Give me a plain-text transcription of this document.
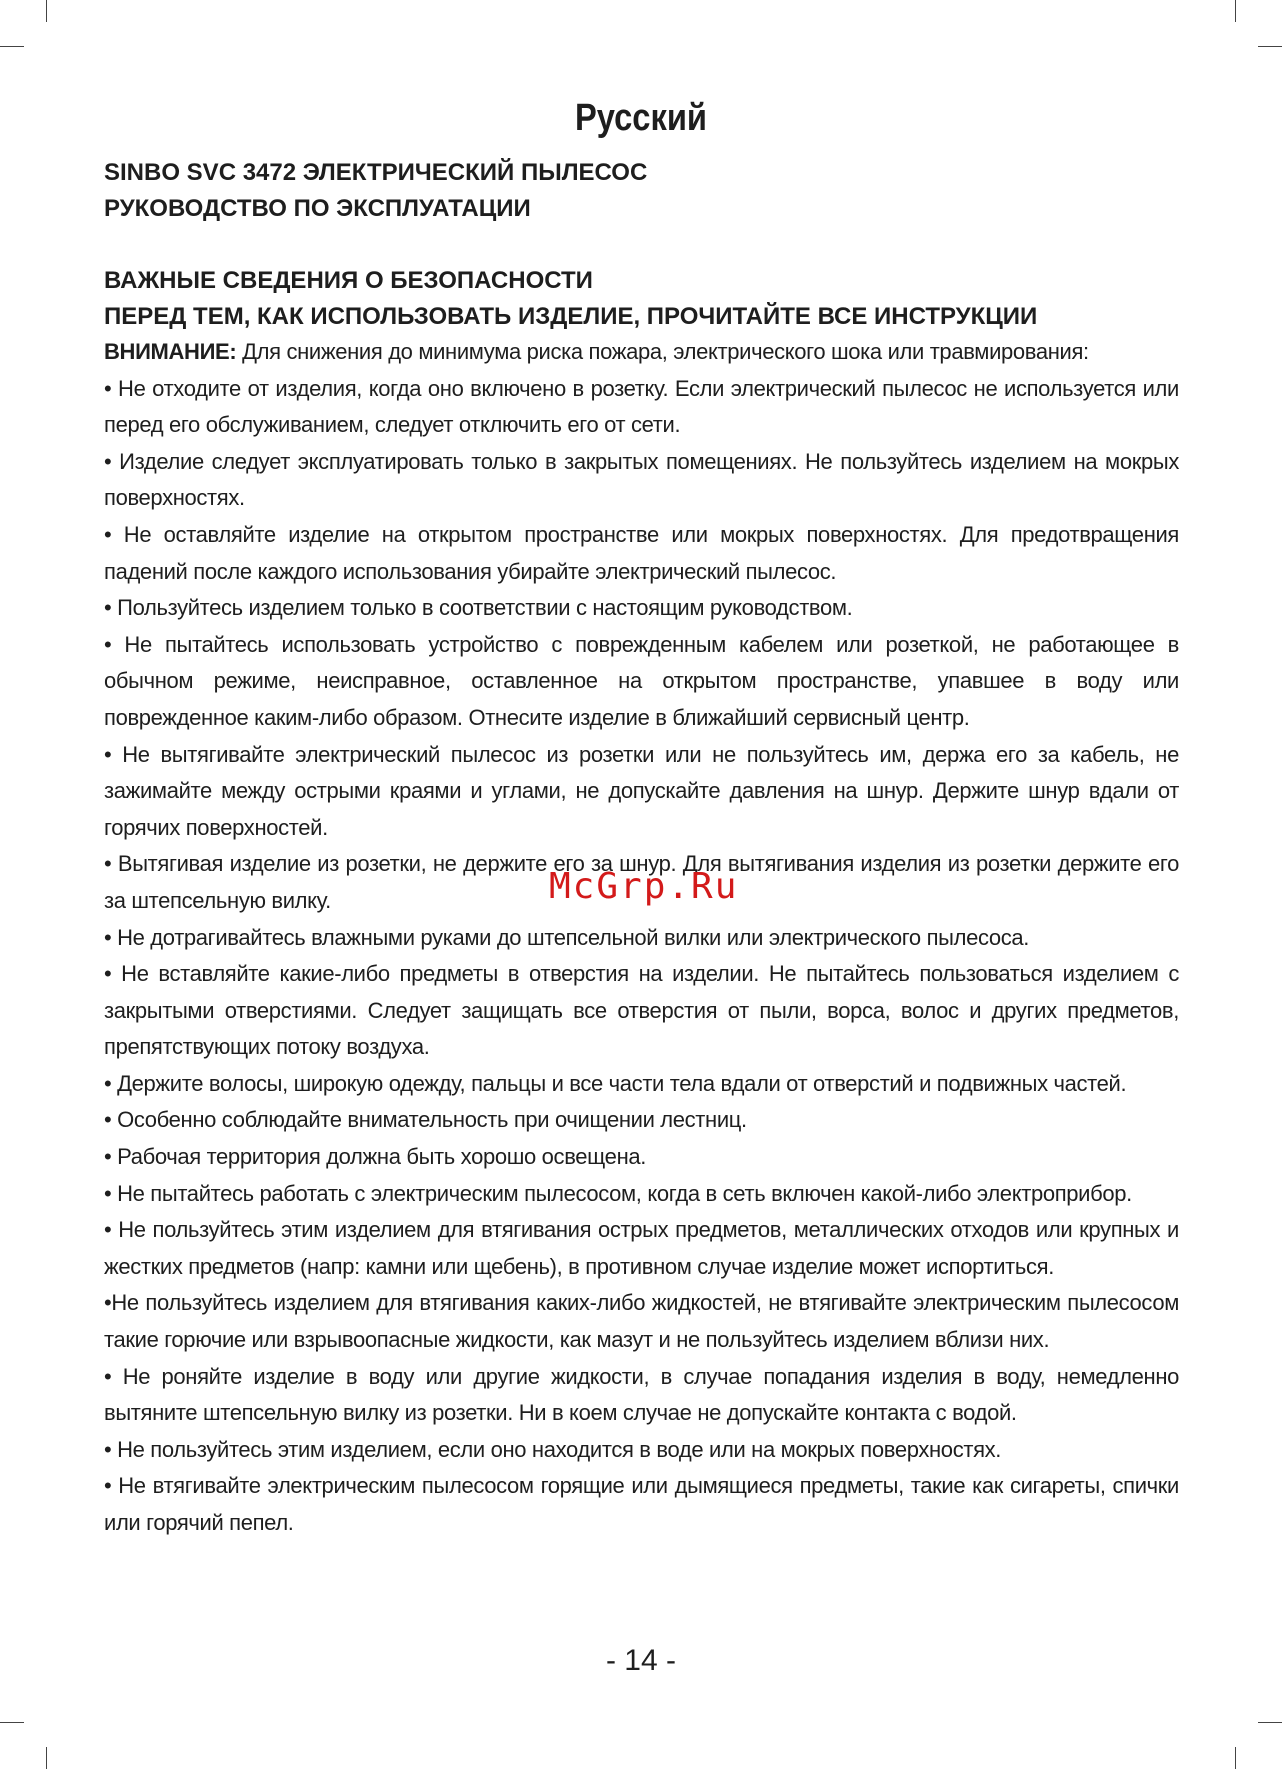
Русский
SINBO SVC 3472 ЭЛЕКТРИЧЕСКИЙ ПЫЛЕСОС
РУКОВОДСТВО ПО ЭКСПЛУАТАЦИИ
ВАЖНЫЕ СВЕДЕНИЯ О БЕЗОПАСНОСТИ
ПЕРЕД ТЕМ, КАК ИСПОЛЬЗОВАТЬ ИЗДЕЛИЕ, ПРОЧИТАЙТЕ ВСЕ ИНСТРУКЦИИ

ВНИМАНИЕ: Для снижения до минимума риска пожара, электрического шока или травмирования:

• Не отходите от изделия, когда оно включено в розетку. Если электрический пылесос не используется или перед его обслуживанием, следует отключить его от сети.

• Изделие следует эксплуатировать только в закрытых помещениях. Не пользуйтесь изделием на мокрых поверхностях.

• Не оставляйте изделие на открытом пространстве или мокрых поверхностях. Для предотвращения падений после каждого использования убирайте электрический пылесос.

• Пользуйтесь изделием только в соответствии с настоящим руководством.

• Не пытайтесь использовать устройство с поврежденным кабелем или розеткой, не работающее в обычном режиме, неисправное, оставленное на открытом пространстве, упавшее в воду или поврежденное каким-либо образом. Отнесите изделие в ближайший сервисный центр.

• Не вытягивайте электрический пылесос из розетки или не пользуйтесь им, держа его за кабель, не зажимайте между острыми краями и углами, не допускайте давления на шнур. Держите шнур вдали от горячих поверхностей.

• Вытягивая изделие из розетки, не держите его за шнур. Для вытягивания изделия из розетки держите его за штепсельную вилку.

• Не дотрагивайтесь влажными руками до штепсельной вилки или электрического пылесоса.

• Не вставляйте какие-либо предметы в отверстия на изделии. Не пытайтесь пользоваться изделием с закрытыми отверстиями. Следует защищать все отверстия от пыли, ворса, волос и других предметов, препятствующих потоку воздуха.

• Держите волосы, широкую одежду, пальцы и все части тела вдали от отверстий и подвижных частей.

• Особенно соблюдайте внимательность при очищении лестниц.

• Рабочая территория должна быть хорошо освещена.

• Не пытайтесь работать с электрическим пылесосом, когда в сеть включен какой-либо электроприбор.

• Не пользуйтесь этим изделием для втягивания острых предметов, металлических отходов или крупных и жестких предметов (напр: камни или щебень), в противном случае изделие может испортиться.

•Не пользуйтесь изделием для втягивания каких-либо жидкостей, не втягивайте электрическим пылесосом такие горючие или взрывоопасные жидкости, как мазут и не пользуйтесь изделием вблизи них.

• Не роняйте изделие в воду или другие жидкости, в случае попадания изделия в воду, немедленно вытяните штепсельную вилку из розетки. Ни в коем случае не допускайте контакта с водой.

• Не пользуйтесь этим изделием, если оно находится в воде или на мокрых поверхностях.

• Не втягивайте электрическим пылесосом горящие или дымящиеся предметы, такие как сигареты, спички или горячий пепел.

McGrp.Ru
- 14 -
